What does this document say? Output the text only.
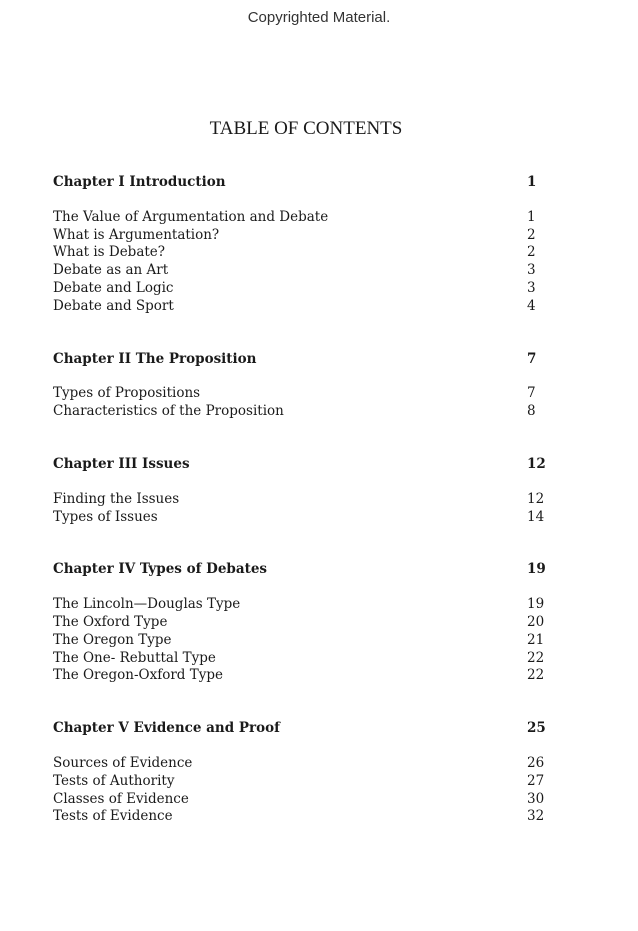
Copyrighted Material.
TABLE OF CONTENTS
Chapter I Introduction	1
The Value of Argumentation and Debate	1
What is Argumentation?	2
What is Debate?	2
Debate as an Art	3
Debate and Logic	3
Debate and Sport	4
Chapter II The Proposition	7
Types of Propositions	7
Characteristics of the Proposition	8
Chapter III Issues	12
Finding the Issues	12
Types of Issues	14
Chapter IV Types of Debates	19
The Lincoln—Douglas Type	19
The Oxford Type	20
The Oregon Type	21
The One- Rebuttal Type	22
The Oregon-Oxford Type	22
Chapter V Evidence and Proof	25
Sources of Evidence	26
Tests of Authority	27
Classes of Evidence	30
Tests of Evidence	32
